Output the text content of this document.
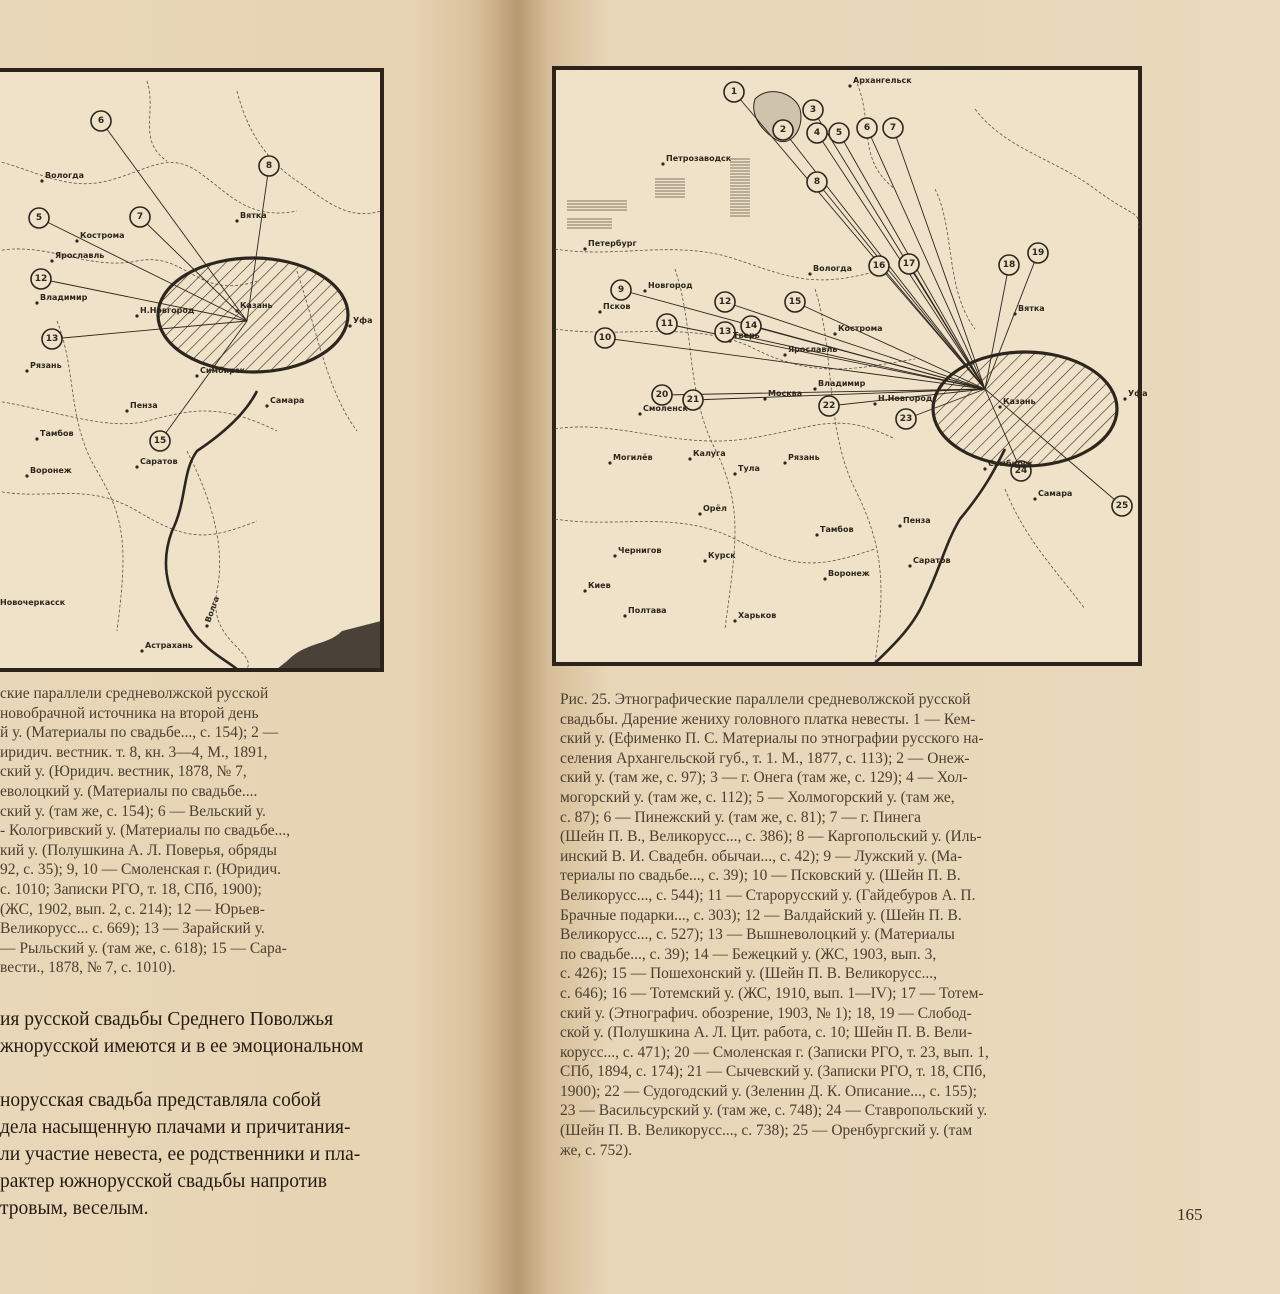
6
8
5	7
12
13
15
Вологда
Вятка
Кострома
Ярославль
Владимир
Н.Новгород
Казань
Рязань
Симбирск
Самара
Пенза
Тамбов
Саратов
Воронеж
Новочеркасск
Астрахань
Уфа
Волга

ские параллели средневолжской русской

новобрачной источника на второй день

й у. (Материалы по свадьбе..., с. 154); 2 —

иридич. вестник. т. 8, кн. 3—4, М., 1891,

ский у. (Юридич. вестник, 1878, № 7,

еволоцкий у. (Материалы по свадьбе....

ский у. (там же, с. 154); 6 — Вельский у.

- Кологривский у. (Материалы по свадьбе...,

кий у. (Полушкина А. Л. Поверья, обряды

92, с. 35); 9, 10 — Смоленская г. (Юридич.

с. 1010; Записки РГО, т. 18, СПб, 1900);

(ЖС, 1902, вып. 2, с. 214); 12 — Юрьев-

Великорусс... с. 669); 13 — Зарайский у.

— Рыльский у. (там же, с. 618); 15 — Сара-

вести., 1878, № 7, с. 1010).

ия русской свадьбы Среднего Поволжья

жнорусской имеются и в ее эмоциональном

норусская свадьба представляла собой

дела насыщенную плачами и причитания-

ли участие невеста, ее родственники и пла-

рактер южнорусской свадьбы напротив

тровым, веселым.

1
2
3
4 5 6 7
8
9
10
11
12
13
14
15
16 17	18
19
20 21
22
23
24
25
Архангельск
Петрозаводск
Петербург
Вологда
Новгород
Псков
Тверь
Ярославль
Кострома
Вятка
Владимир
Москва
Н.Новгород
Смоленск
Казань
Уфа
Калуга
Тула
Рязань
Могилёв
Орёл
Симбирск
Самара
Пенза
Тамбов
Чернигов
Курск
Киев
Воронеж
Саратов
Полтава
Харьков

Рис. 25. Этнографические параллели средневолжской русской

свадьбы. Дарение жениху головного платка невесты. 1 — Кем-

ский у. (Ефименко П. С. Материалы по этнографии русского на-

селения Архангельской губ., т. 1. М., 1877, с. 113); 2 — Онеж-

ский у. (там же, с. 97); 3 — г. Онега (там же, с. 129); 4 — Хол-

могорский у. (там же, с. 112); 5 — Холмогорский у. (там же,

с. 87); 6 — Пинежский у. (там же, с. 81); 7 — г. Пинега

(Шейн П. В., Великорусс..., с. 386); 8 — Каргопольский у. (Иль-

инский В. И. Свадебн. обычаи..., с. 42); 9 — Лужский у. (Ма-

териалы по свадьбе..., с. 39); 10 — Псковский у. (Шейн П. В.

Великорусс..., с. 544); 11 — Старорусский у. (Гайдебуров А. П.

Брачные подарки..., с. 303); 12 — Валдайский у. (Шейн П. В.

Великорусс..., с. 527); 13 — Вышневолоцкий у. (Материалы

по свадьбе..., с. 39); 14 — Бежецкий у. (ЖС, 1903, вып. 3,

с. 426); 15 — Пошехонский у. (Шейн П. В. Великорусс...,

с. 646); 16 — Тотемский у. (ЖС, 1910, вып. 1—IV); 17 — Тотем-

ский у. (Этнографич. обозрение, 1903, № 1); 18, 19 — Слобод-

ской у. (Полушкина А. Л. Цит. работа, с. 10; Шейн П. В. Вели-

корусс..., с. 471); 20 — Смоленская г. (Записки РГО, т. 23, вып. 1,

СПб, 1894, с. 174); 21 — Сычевский у. (Записки РГО, т. 18, СПб,

1900); 22 — Судогодский у. (Зеленин Д. К. Описание..., с. 155);

23 — Васильсурский у. (там же, с. 748); 24 — Ставропольский у.

(Шейн П. В. Великорусс..., с. 738); 25 — Оренбургский у. (там

же, с. 752).

165
